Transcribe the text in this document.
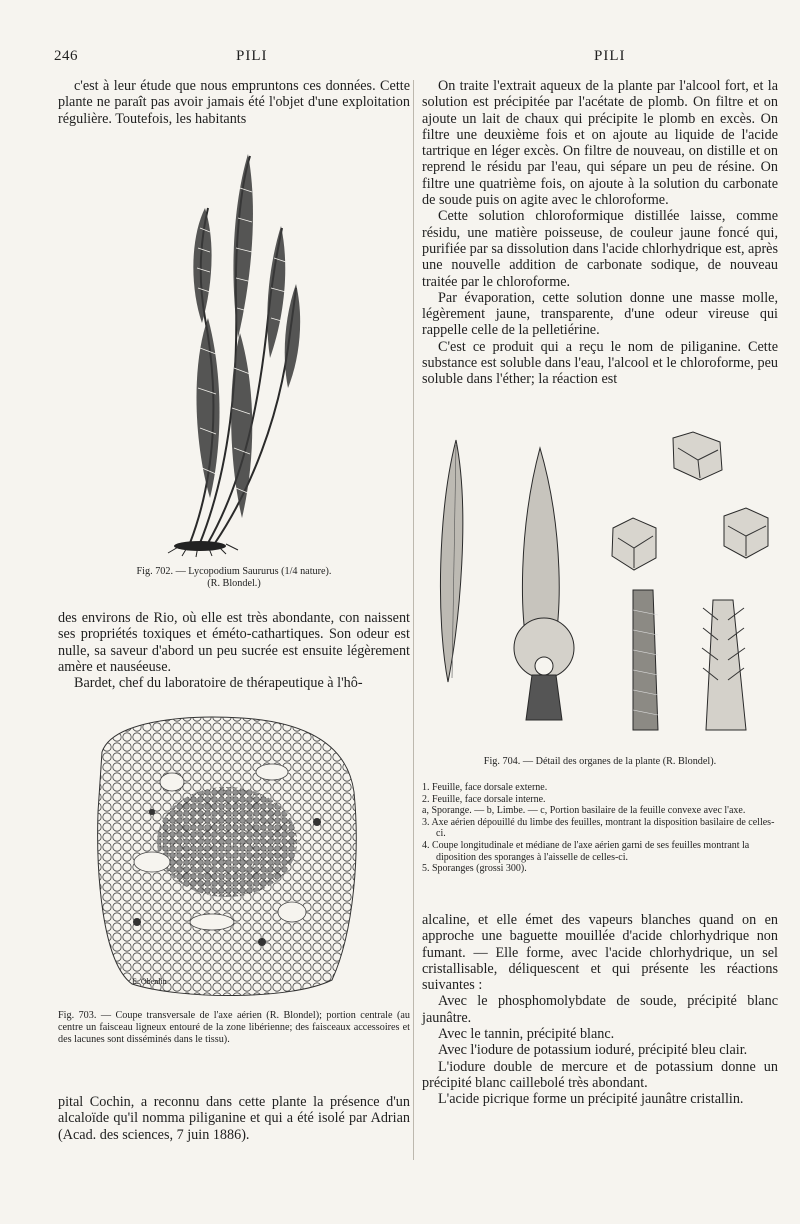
246	PILI	PILI

c'est à leur étude que nous empruntons ces données. Cette plante ne paraît pas avoir jamais été l'objet d'une exploitation régulière. Toutefois, les habitants

Fig. 702. — Lycopodium Saururus (1/4 nature).
(R. Blondel.)

des environs de Rio, où elle est très abondante, con naissent ses propriétés toxiques et éméto-cathartiques. Son odeur est nulle, sa saveur d'abord un peu sucrée est ensuite légèrement amère et nauséeuse.

Bardet, chef du laboratoire de thérapeutique à l'hô-

E. Obenlin
Fig. 703. — Coupe transversale de l'axe aérien (R. Blondel); portion centrale (au centre un faisceau ligneux entouré de la zone libérienne; des faisceaux accessoires et des lacunes sont disséminés dans le tissu).

pital Cochin, a reconnu dans cette plante la présence d'un alcaloïde qu'il nomma piliganine et qui a été isolé par Adrian (Acad. des sciences, 7 juin 1886).

On traite l'extrait aqueux de la plante par l'alcool fort, et la solution est précipitée par l'acétate de plomb. On filtre et on ajoute un lait de chaux qui précipite le plomb en excès. On filtre une deuxième fois et on ajoute au liquide de l'acide tartrique en léger excès. On filtre de nouveau, on distille et on reprend le résidu par l'eau, qui sépare un peu de résine. On filtre une quatrième fois, on ajoute à la solution du carbonate de soude puis on agite avec le chloroforme.

Cette solution chloroformique distillée laisse, comme résidu, une matière poisseuse, de couleur jaune foncé qui, purifiée par sa dissolution dans l'acide chlorhydrique est, après une nouvelle addition de carbonate sodique, de nouveau traitée par le chloroforme.

Par évaporation, cette solution donne une masse molle, légèrement jaune, transparente, d'une odeur vireuse qui rappelle celle de la pelletiérine.

C'est ce produit qui a reçu le nom de piliganine. Cette substance est soluble dans l'eau, l'alcool et le chloroforme, peu soluble dans l'éther; la réaction est

Fig. 704. — Détail des organes de la plante (R. Blondel).
1. Feuille, face dorsale externe.
2. Feuille, face dorsale interne.
a, Sporange. — b, Limbe. — c, Portion basilaire de la feuille convexe avec l'axe.
3. Axe aérien dépouillé du limbe des feuilles, montrant la disposition basilaire de celles-ci.
4. Coupe longitudinale et médiane de l'axe aérien garni de ses feuilles montrant la diposition des sporanges à l'aisselle de celles-ci.
5. Sporanges (grossi 300).

alcaline, et elle émet des vapeurs blanches quand on en approche une baguette mouillée d'acide chlorhydrique non fumant. — Elle forme, avec l'acide chlorhydrique, un sel cristallisable, déliquescent et qui présente les réactions suivantes :

Avec le phosphomolybdate de soude, précipité blanc jaunâtre.

Avec le tannin, précipité blanc.

Avec l'iodure de potassium ioduré, précipité bleu clair.

L'iodure double de mercure et de potassium donne un précipité blanc caillebolé très abondant.

L'acide picrique forme un précipité jaunâtre cristallin.
